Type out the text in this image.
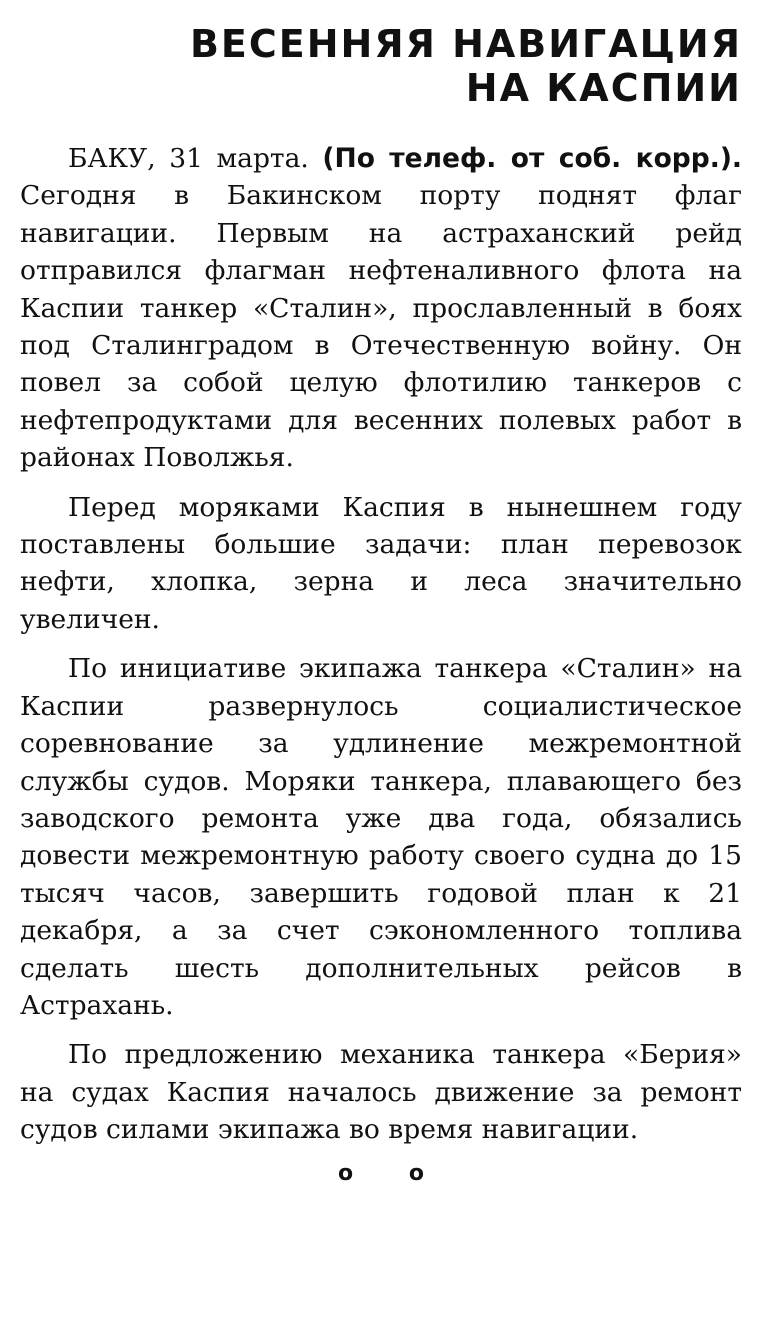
ВЕСЕННЯЯ НАВИГАЦИЯ
НА КАСПИИ

БАКУ, 31 марта. (По телеф. от соб. корр.). Сегодня в Бакинском порту поднят флаг навигации. Первым на астраханский рейд отправился флагман нефтеналивного флота на Каспии танкер «Сталин», прославленный в боях под Сталинградом в Отечественную войну. Он повел за собой целую флотилию танкеров с нефтепродуктами для весенних полевых работ в районах Поволжья.

Перед моряками Каспия в нынешнем году поставлены большие задачи: план перевозок нефти, хлопка, зерна и леса значительно увеличен.

По инициативе экипажа танкера «Сталин» на Каспии развернулось социалистическое соревнование за удлинение межремонтной службы судов. Моряки танкера, плавающего без заводского ремонта уже два года, обязались довести межремонтную работу своего судна до 15 тысяч часов, завершить годовой план к 21 декабря, а за счет сэкономленного топлива сделать шесть дополнительных рейсов в Астрахань.

По предложению механика танкера «Берия» на судах Каспия началось движение за ремонт судов силами экипажа во время навигации.

о о
